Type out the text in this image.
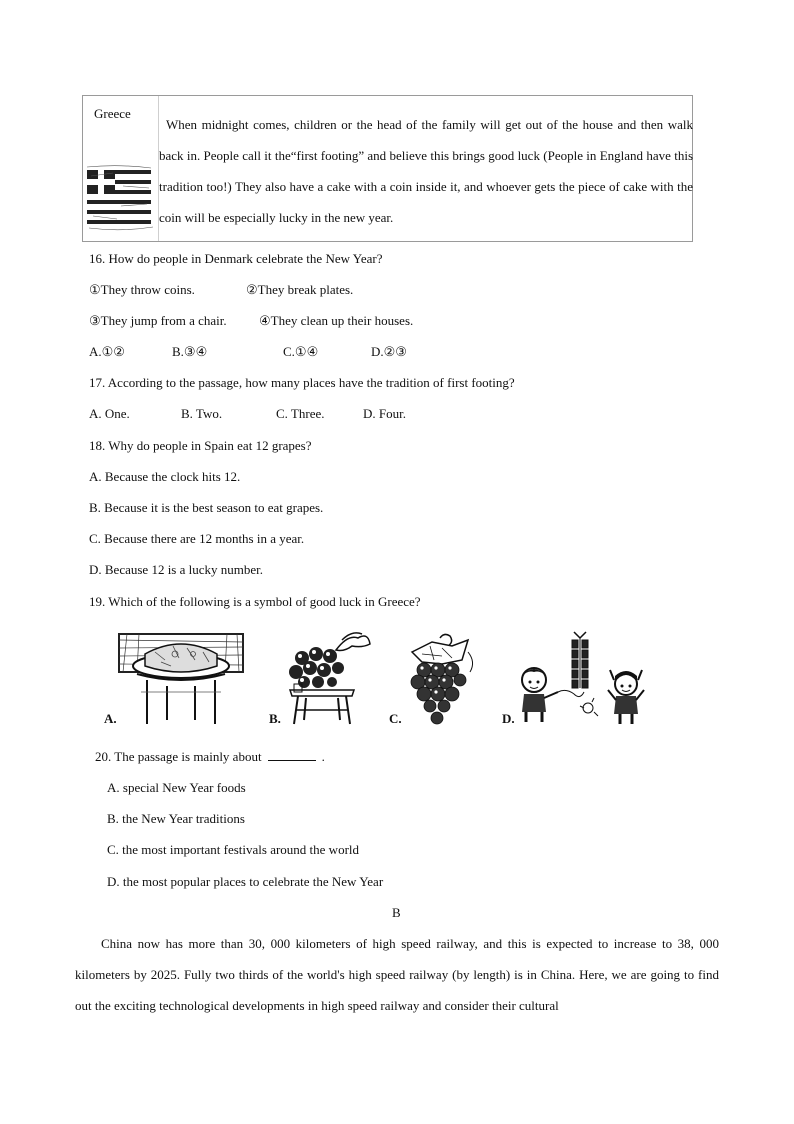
Greece
When midnight comes, children or the head of the family will get out of the house and then walk back in. People call it the“first footing” and believe this brings good luck (People in England have this tradition too!) They also have a cake with a coin inside it, and whoever gets the piece of cake with the coin will be especially lucky in the new year.
16. How do people in Denmark celebrate the New Year?
①They throw coins.	②They break plates.
③They jump from a chair. ④They clean up their houses.
A.①②	B.③④	C.①④	D.②③
17. According to the passage, how many places have the tradition of first footing?
A. One.	B. Two.	C. Three.	D. Four.
18. Why do people in Spain eat 12 grapes?
A. Because the clock hits 12.
B. Because it is the best season to eat grapes.
C. Because there are 12 months in a year.
D. Because 12 is a lucky number.
19. Which of the following is a symbol of good luck in Greece?
A.	B.	C.	D.
20. The passage is mainly about	.
A. special New Year foods
B. the New Year traditions
C. the most important festivals around the world
D. the most popular places to celebrate the New Year
B
China now has more than 30, 000 kilometers of high speed railway, and this is expected to increase to 38, 000 kilometers by 2025. Fully two thirds of the world's high speed railway (by length) is in China. Here, we are going to find out the exciting technological developments in high speed railway and consider their cultural
